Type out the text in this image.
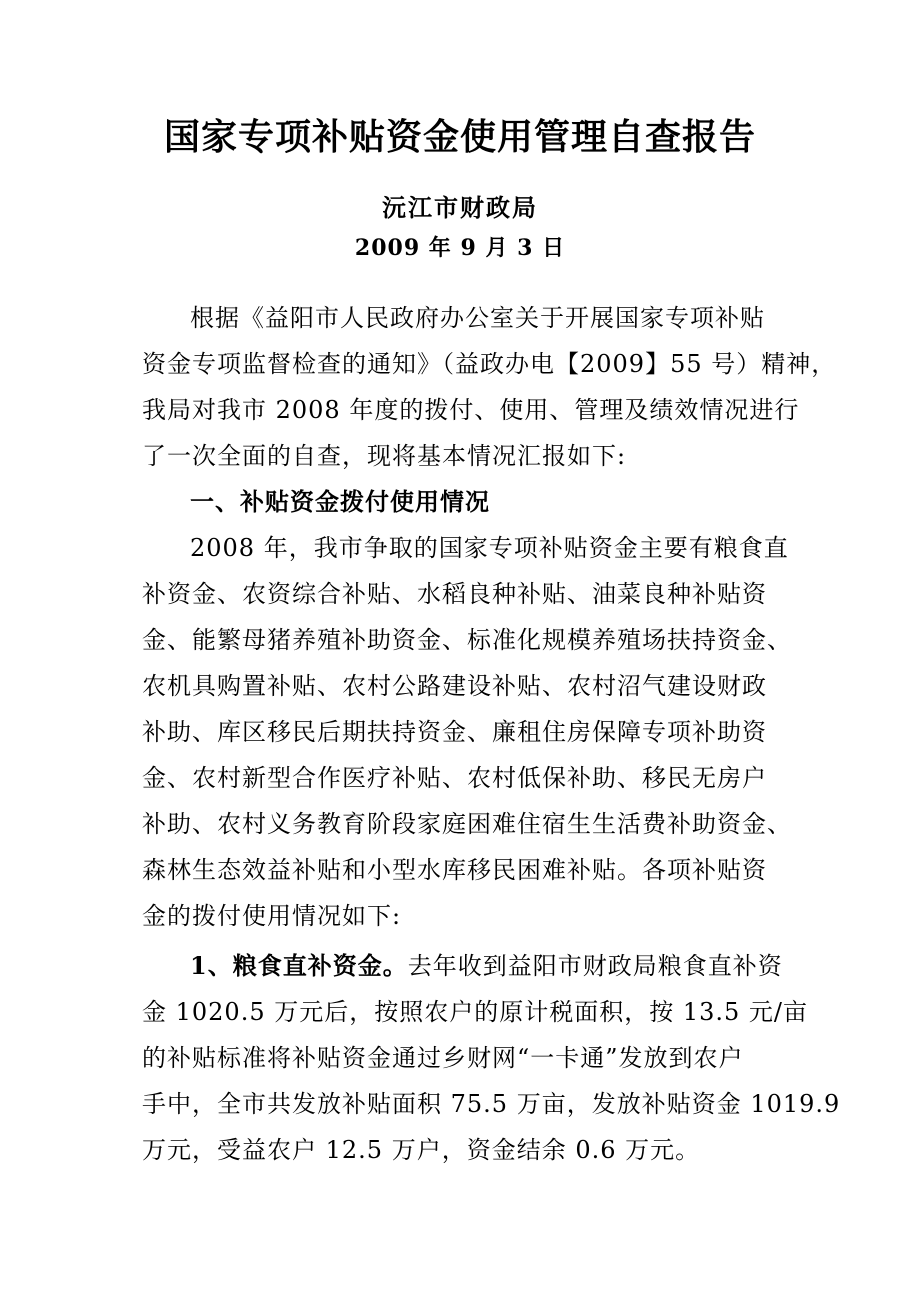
国家专项补贴资金使用管理自查报告
沅江市财政局
2009 年 9 月 3 日
根据《益阳市人民政府办公室关于开展国家专项补贴
资金专项监督检查的通知》（益政办电【2009】55 号）精神，
我局对我市 2008 年度的拨付、使用、管理及绩效情况进行
了一次全面的自查，现将基本情况汇报如下:
一、补贴资金拨付使用情况
2008 年，我市争取的国家专项补贴资金主要有粮食直
补资金、农资综合补贴、水稻良种补贴、油菜良种补贴资
金、能繁母猪养殖补助资金、标准化规模养殖场扶持资金、
农机具购置补贴、农村公路建设补贴、农村沼气建设财政
补助、库区移民后期扶持资金、廉租住房保障专项补助资
金、农村新型合作医疗补贴、农村低保补助、移民无房户
补助、农村义务教育阶段家庭困难住宿生生活费补助资金、
森林生态效益补贴和小型水库移民困难补贴。各项补贴资
金的拨付使用情况如下:
1、粮食直补资金。去年收到益阳市财政局粮食直补资
金 1020.5 万元后，按照农户的原计税面积，按 13.5 元/亩
的补贴标准将补贴资金通过乡财网“一卡通”发放到农户
手中，全市共发放补贴面积 75.5 万亩，发放补贴资金 1019.9
万元，受益农户 12.5 万户，资金结余 0.6 万元。
